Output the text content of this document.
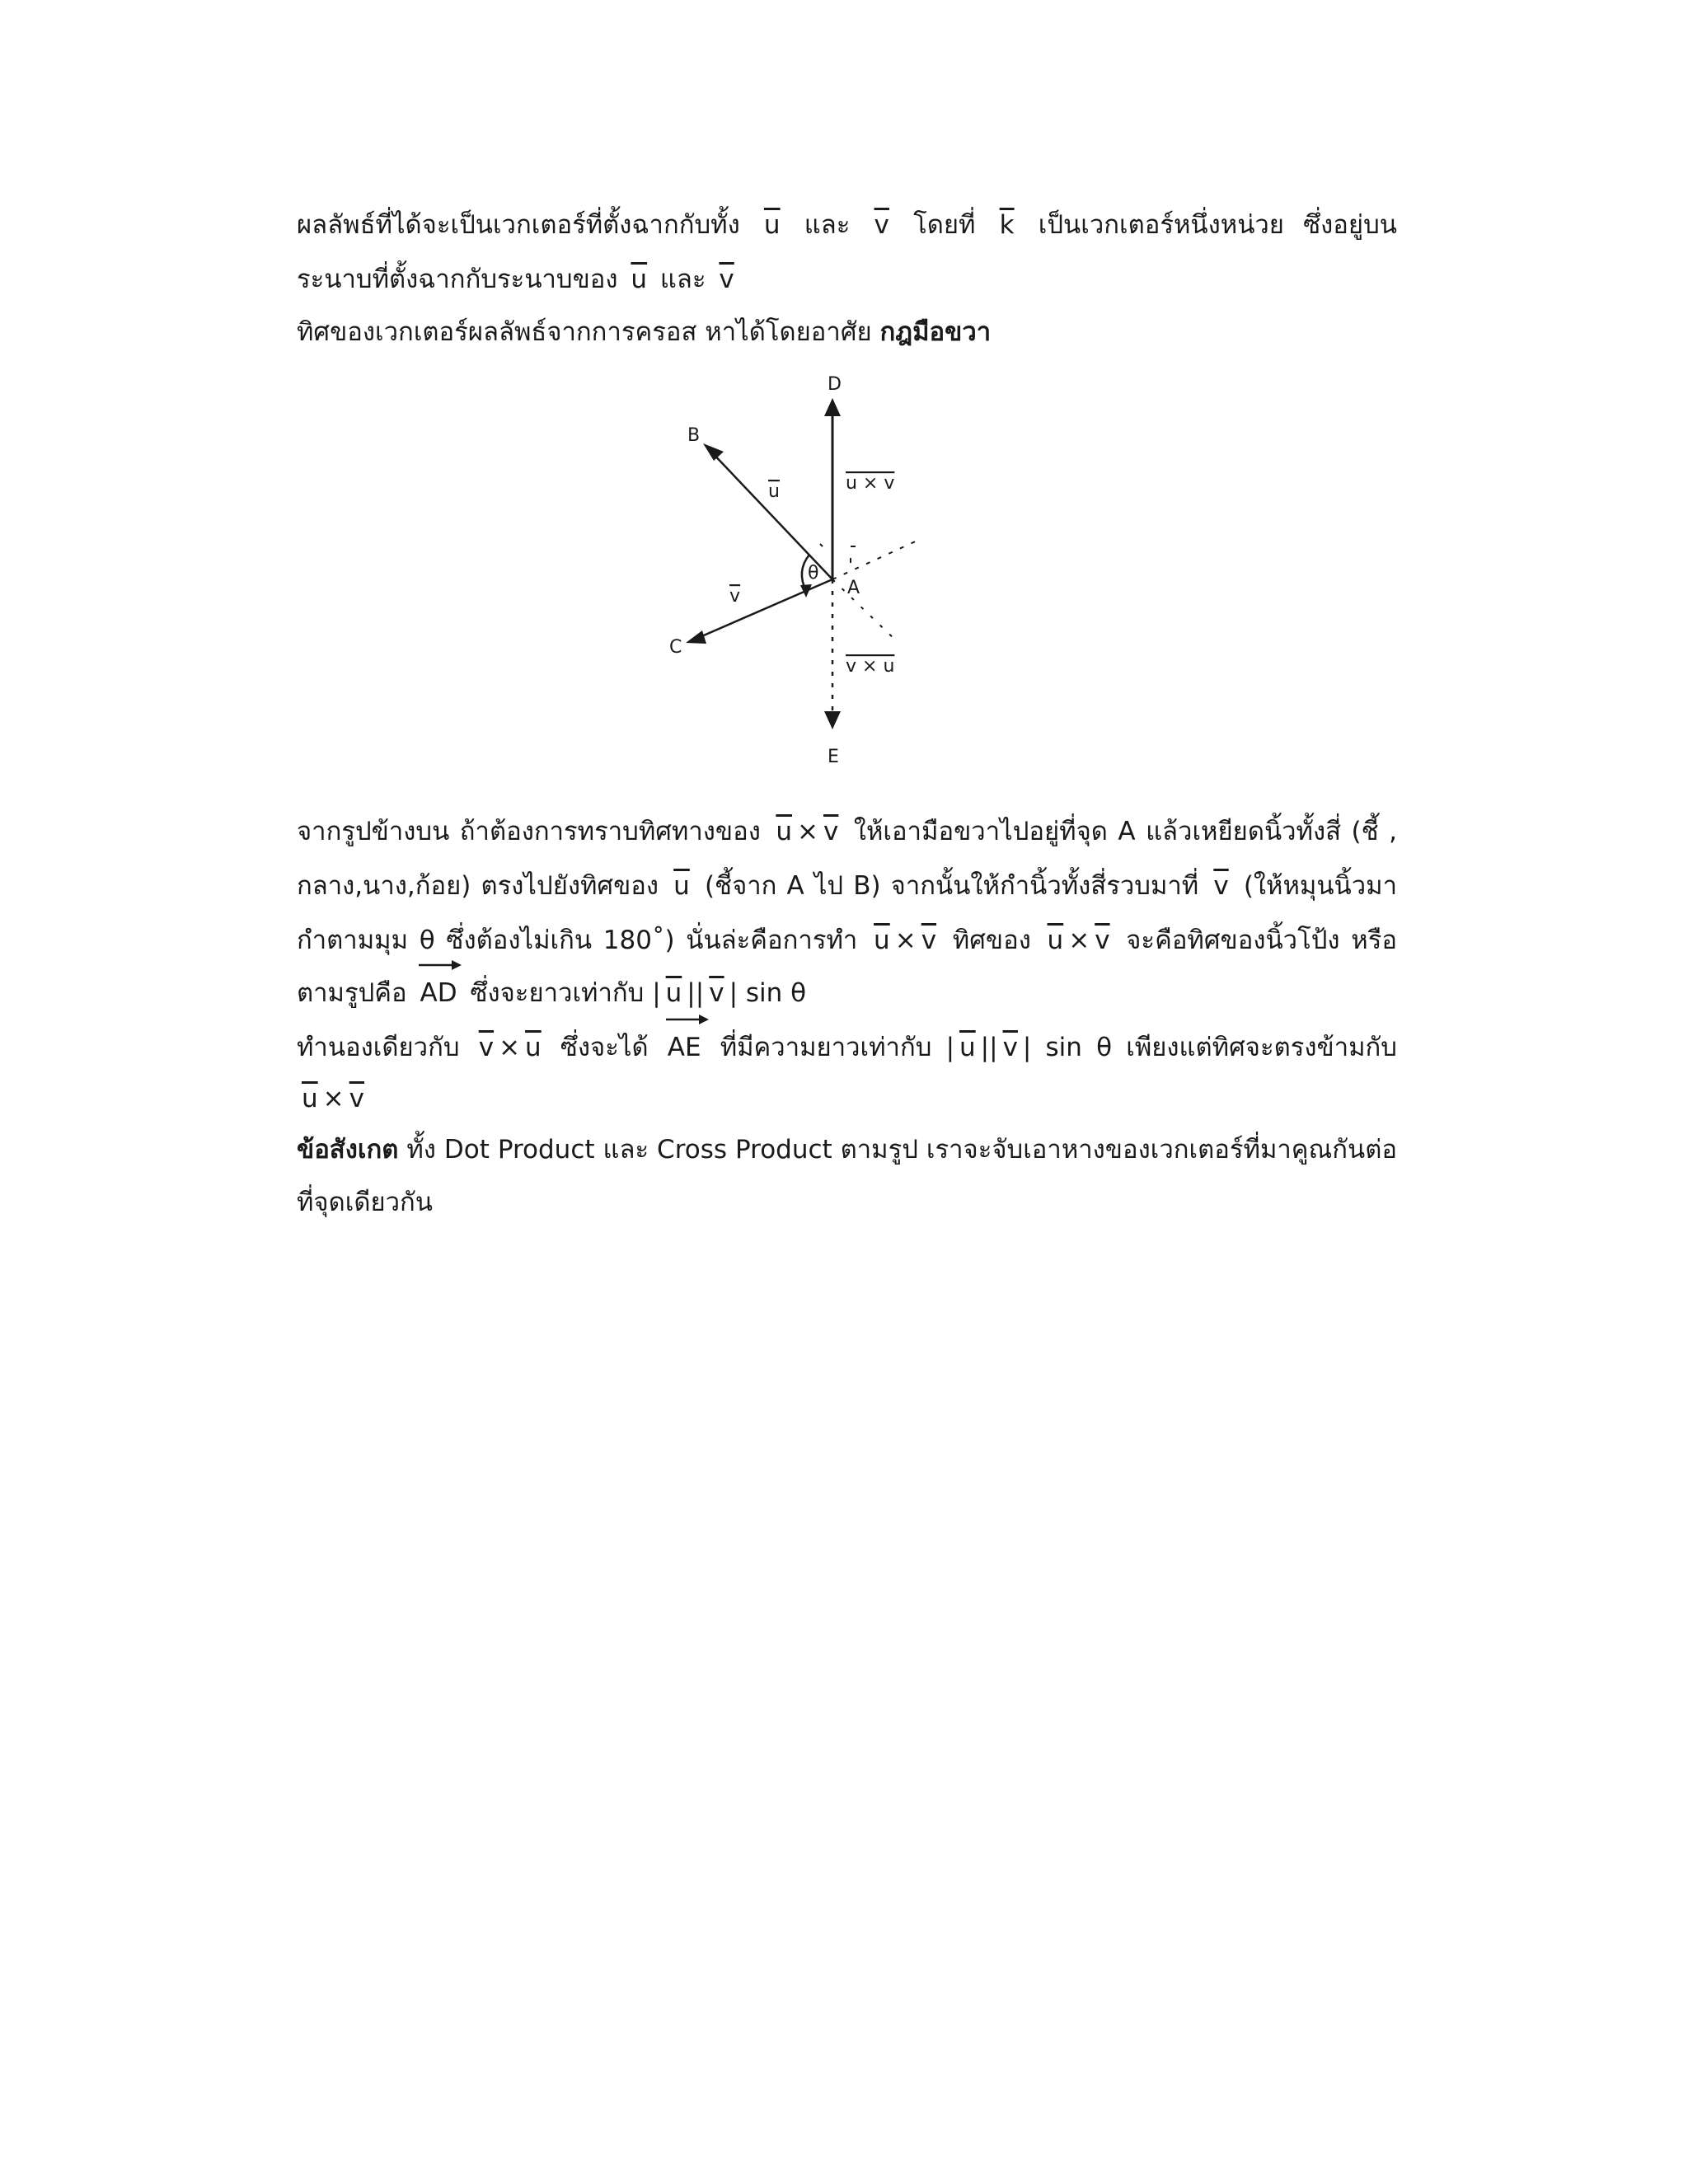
ผลลัพธ์ที่ได้จะเป็นเวกเตอร์ที่ตั้งฉากกับทั้ง $\overline{u}$ และ $\overline{v}$ โดยที่ $\overline{k}$ เป็นเวกเตอร์หนึ่งหน่วย ซึ่งอยู่บน
ระนาบที่ตั้งฉากกับระนาบของ $\overline{u}$ และ $\overline{v}$
ทิศของเวกเตอร์ผลลัพธ์จากการครอส หาได้โดยอาศัย กฎมือขวา
D
B
A
C
E
θ
u
v
u × v
v × u
จากรูปข้างบน ถ้าต้องการทราบทิศทางของ $\overline{u} \times \overline{v}$ ให้เอามือขวาไปอยู่ที่จุด A แล้วเหยียดนิ้วทั้งสี่ (ชี้ ,
กลาง,นาง,ก้อย) ตรงไปยังทิศของ $\overline{u}$ (ชี้จาก A ไป B) จากนั้นให้กำนิ้วทั้งสี่รวบมาที่ $\overline{v}$ (ให้หมุนนิ้วมา
กำตามมุม θ ซึ่งต้องไม่เกิน 180˚) นั่นล่ะคือการทำ $\overline{u} \times \overline{v}$ ทิศของ $\overline{u} \times \overline{v}$ จะคือทิศของนิ้วโป้ง หรือ
ตามรูปคือ AD ซึ่งจะยาวเท่ากับ | $\overline{u}$ || $\overline{v}$ | sin θ
ทำนองเดียวกับ $\overline{v} \times \overline{u}$ ซึ่งจะได้ AE ที่มีความยาวเท่ากับ | $\overline{u}$ || $\overline{v}$ | sin θ เพียงแต่ทิศจะตรงข้ามกับ
$\overline{u} \times \overline{v}$
ข้อสังเกต ทั้ง Dot Product และ Cross Product ตามรูป เราจะจับเอาหางของเวกเตอร์ที่มาคูณกันต่อ
ที่จุดเดียวกัน
